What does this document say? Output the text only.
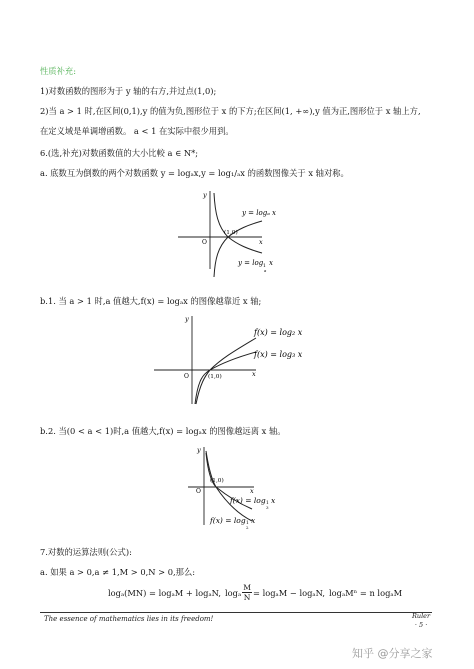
性质补充:
1)对数函数的图形为于 y 轴的右方,并过点(1,0);
2)当 a > 1 时,在区间(0,1),y 的值为负,图形位于 x 的下方;在区间(1, +∞),y 值为正,图形位于 x 轴上方,
在定义域是单调增函数。 a < 1 在实际中很少用到。
6.(选,补充)对数函数值的大小比較 a ∈ N*;
a. 底数互为倒数的两个对数函数 y = logₐx,y = log₁/ₐx 的函数图像关于 x 轴对称。
y
x
O
(1,0)
y = logₐ x
y = log 1
a
x
b.1. 当 a > 1 时,a 值越大,f(x) = logₐx 的图像越靠近 x 轴;
y
x
O	(1,0)
f(x) = log₂ x
f(x) = log₃ x
b.2. 当(0 < a < 1)时,a 值越大,f(x) = logₐx 的图像越远离 x 轴。
y
x
O
(1,0)
f(x) = log 1
3
x
f(x) = log 1
2
x
7.对数的运算法则(公式):
a. 如果 a > 0,a ≠ 1,M > 0,N > 0,那么:
logₐ(MN) = logₐM + logₐN, logₐ $\frac{M}{N} = \log_aM - \log_aN$, logₐMⁿ = n logₐM
The essence of mathematics lies in its freedom!	Ruler
· 5 ·
知乎 @分享之家
